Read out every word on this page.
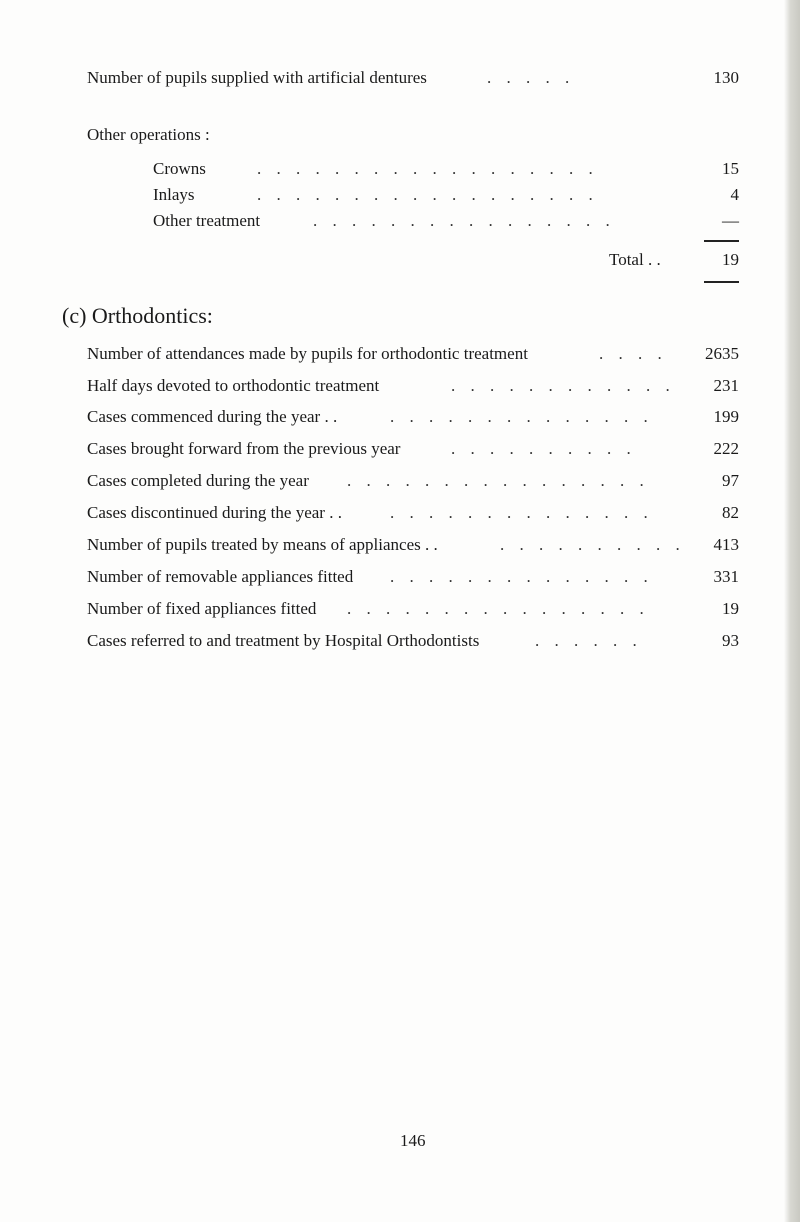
Number of pupils supplied with artificial dentures	. . . . .	130
Other operations :
Crowns	. . . . . . . . . . . . . . . . . .	15
Inlays	. . . . . . . . . . . . . . . . . .	4
Other treatment	. . . . . . . . . . . . . . . .	—
Total . .	19
(c) Orthodontics:
Number of attendances made by pupils for orthodontic treatment	. . . .	2635
Half days devoted to orthodontic treatment	. . . . . . . . . . . .	231
Cases commenced during the year . .	. . . . . . . . . . . . . .	199
Cases brought forward from the previous year	. . . . . . . . . .	222
Cases completed during the year . . . . . . . . . . . . . . . .	97
Cases discontinued during the year . .	. . . . . . . . . . . . . .	82
Number of pupils treated by means of appliances . .	. . . . . . . . . . 413
Number of removable appliances fitted . . . . . . . . . . . . . .	331
Number of fixed appliances fitted . . . . . . . . . . . . . . . .	19
Cases referred to and treatment by Hospital Orthodontists	. . . . . .	93
146
